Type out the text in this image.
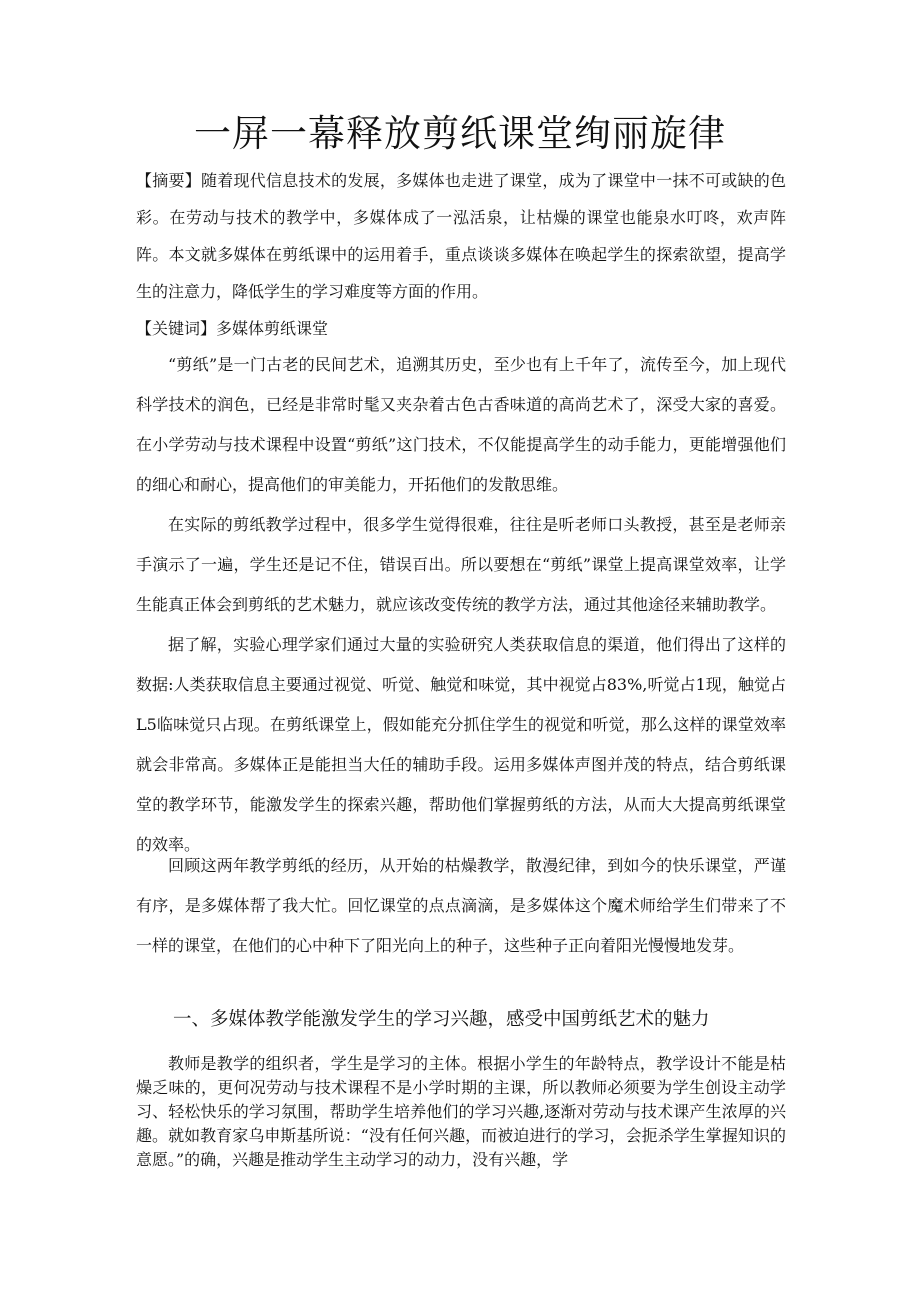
一屏一幕释放剪纸课堂绚丽旋律

【摘要】随着现代信息技术的发展，多媒体也走进了课堂，成为了课堂中一抹不可或缺的色彩。在劳动与技术的教学中，多媒体成了一泓活泉，让枯燥的课堂也能泉水叮咚，欢声阵阵。本文就多媒体在剪纸课中的运用着手，重点谈谈多媒体在唤起学生的探索欲望，提高学生的注意力，降低学生的学习难度等方面的作用。

【关键词】多媒体剪纸课堂

“剪纸”是一门古老的民间艺术，追溯其历史，至少也有上千年了，流传至今，加上现代科学技术的润色，已经是非常时髦又夹杂着古色古香味道的高尚艺术了，深受大家的喜爱。在小学劳动与技术课程中设置“剪纸”这门技术，不仅能提高学生的动手能力，更能增强他们的细心和耐心，提高他们的审美能力，开拓他们的发散思维。

在实际的剪纸教学过程中，很多学生觉得很难，往往是听老师口头教授，甚至是老师亲手演示了一遍，学生还是记不住，错误百出。所以要想在“剪纸”课堂上提高课堂效率，让学生能真正体会到剪纸的艺术魅力，就应该改变传统的教学方法，通过其他途径来辅助教学。

据了解，实验心理学家们通过大量的实验研究人类获取信息的渠道，他们得出了这样的数据:人类获取信息主要通过视觉、听觉、触觉和味觉，其中视觉占83%,听觉占1现，触觉占L5临味觉只占现。在剪纸课堂上，假如能充分抓住学生的视觉和听觉，那么这样的课堂效率就会非常高。多媒体正是能担当大任的辅助手段。运用多媒体声图并茂的特点，结合剪纸课堂的教学环节，能激发学生的探索兴趣，帮助他们掌握剪纸的方法，从而大大提高剪纸课堂的效率。

回顾这两年教学剪纸的经历，从开始的枯燥教学，散漫纪律，到如今的快乐课堂，严谨有序，是多媒体帮了我大忙。回忆课堂的点点滴滴，是多媒体这个魔术师给学生们带来了不一样的课堂，在他们的心中种下了阳光向上的种子，这些种子正向着阳光慢慢地发芽。

一、多媒体教学能激发学生的学习兴趣，感受中国剪纸艺术的魅力

教师是教学的组织者，学生是学习的主体。根据小学生的年龄特点，教学设计不能是枯燥乏味的，更何况劳动与技术课程不是小学时期的主课，所以教师必须要为学生创设主动学习、轻松快乐的学习氛围，帮助学生培养他们的学习兴趣,逐渐对劳动与技术课产生浓厚的兴趣。就如教育家乌申斯基所说：“没有任何兴趣，而被迫进行的学习，会扼杀学生掌握知识的意愿。”的确，兴趣是推动学生主动学习的动力，没有兴趣，学
